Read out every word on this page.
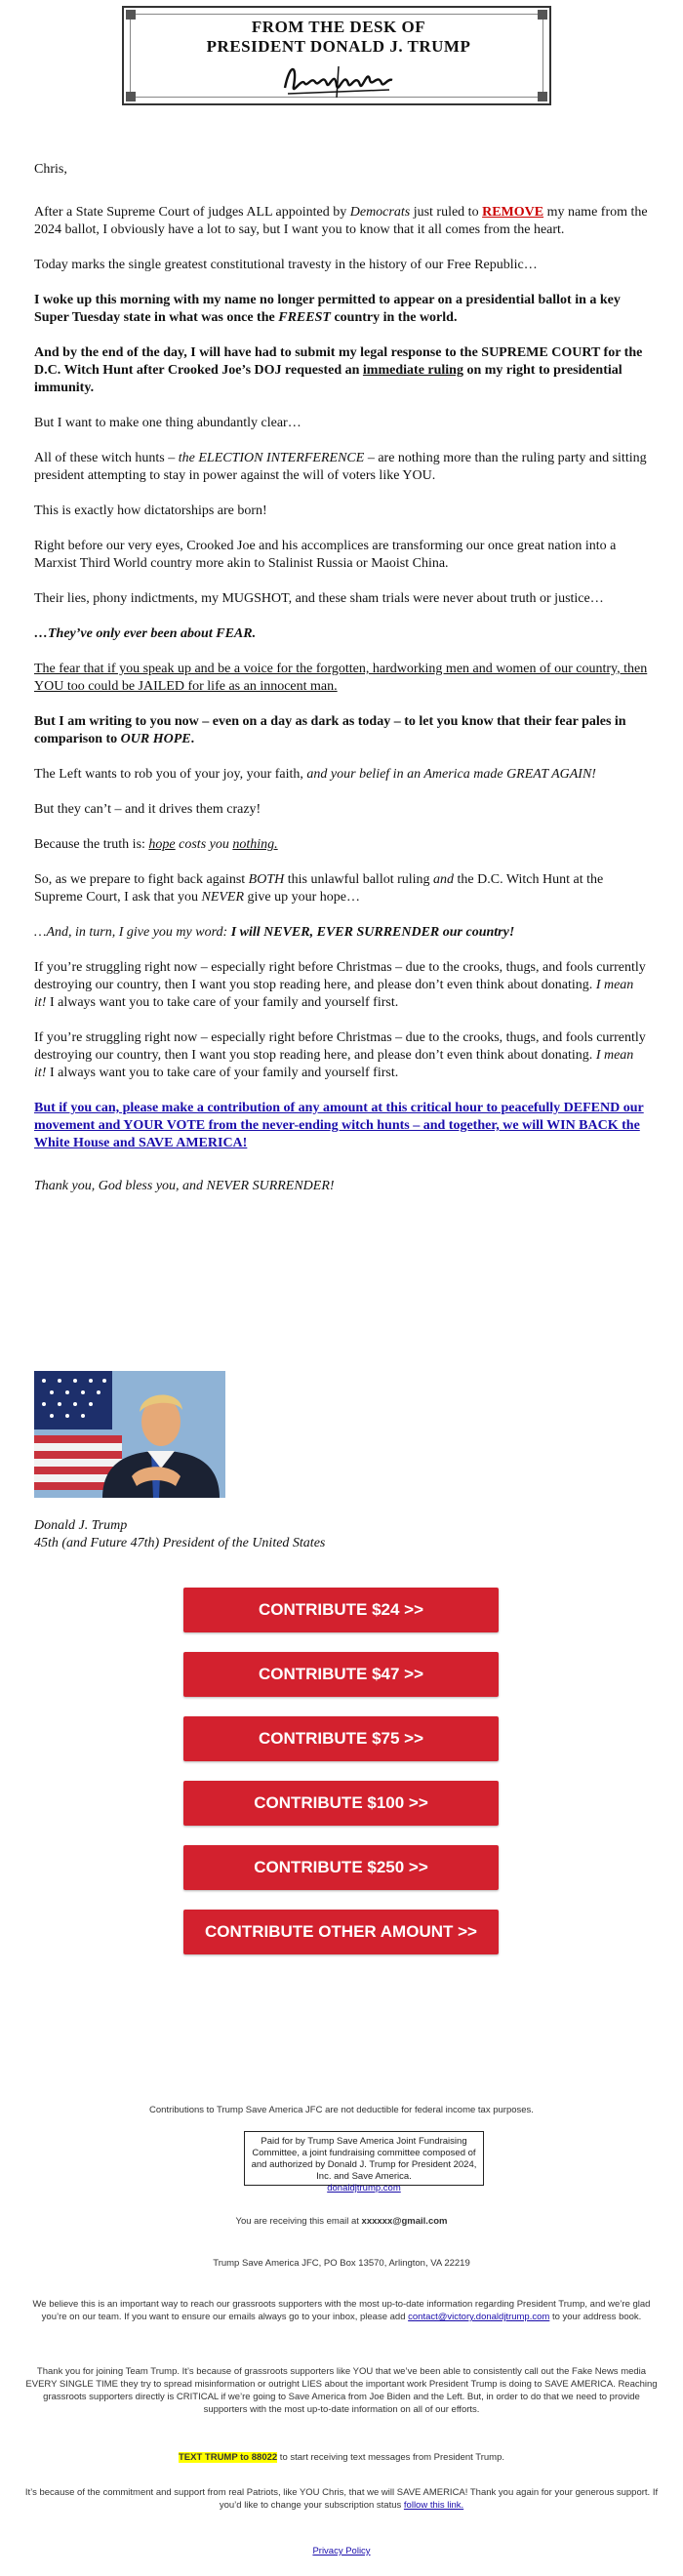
FROM THE DESK OF
PRESIDENT DONALD J. TRUMP

Chris,

After a State Supreme Court of judges ALL appointed by Democrats just ruled to REMOVE my name from the 2024 ballot, I obviously have a lot to say, but I want you to know that it all comes from the heart.

Today marks the single greatest constitutional travesty in the history of our Free Republic…

I woke up this morning with my name no longer permitted to appear on a presidential ballot in a key Super Tuesday state in what was once the FREEST country in the world.

And by the end of the day, I will have had to submit my legal response to the SUPREME COURT for the D.C. Witch Hunt after Crooked Joe’s DOJ requested an immediate ruling on my right to presidential immunity.

But I want to make one thing abundantly clear…

All of these witch hunts – the ELECTION INTERFERENCE – are nothing more than the ruling party and sitting president attempting to stay in power against the will of voters like YOU.

This is exactly how dictatorships are born!

Right before our very eyes, Crooked Joe and his accomplices are transforming our once great nation into a Marxist Third World country more akin to Stalinist Russia or Maoist China.

Their lies, phony indictments, my MUGSHOT, and these sham trials were never about truth or justice…

…They’ve only ever been about FEAR.

The fear that if you speak up and be a voice for the forgotten, hardworking men and women of our country, then YOU too could be JAILED for life as an innocent man.

But I am writing to you now – even on a day as dark as today – to let you know that their fear pales in comparison to OUR HOPE.

The Left wants to rob you of your joy, your faith, and your belief in an America made GREAT AGAIN!

But they can’t – and it drives them crazy!

Because the truth is: hope costs you nothing.

So, as we prepare to fight back against BOTH this unlawful ballot ruling and the D.C. Witch Hunt at the Supreme Court, I ask that you NEVER give up your hope…

…And, in turn, I give you my word: I will NEVER, EVER SURRENDER our country!

If you’re struggling right now – especially right before Christmas – due to the crooks, thugs, and fools currently destroying our country, then I want you stop reading here, and please don’t even think about donating. I mean it! I always want you to take care of your family and yourself first.

If you’re struggling right now – especially right before Christmas – due to the crooks, thugs, and fools currently destroying our country, then I want you stop reading here, and please don’t even think about donating. I mean it! I always want you to take care of your family and yourself first.

But if you can, please make a contribution of any amount at this critical hour to peacefully DEFEND our movement and YOUR VOTE from the never-ending witch hunts – and together, we will WIN BACK the White House and SAVE AMERICA!

Thank you, God bless you, and NEVER SURRENDER!

Donald J. Trump
45th (and Future 47th) President of the United States
CONTRIBUTE $24 >>
CONTRIBUTE $47 >>
CONTRIBUTE $75 >>
CONTRIBUTE $100 >>
CONTRIBUTE $250 >>
CONTRIBUTE OTHER AMOUNT >>
Contributions to Trump Save America JFC are not deductible for federal income tax purposes.
Paid for by Trump Save America Joint Fundraising Committee, a joint fundraising committee composed of and authorized by Donald J. Trump for President 2024, Inc. and Save America.
donaldjtrump.com
You are receiving this email at xxxxxx@gmail.com
Trump Save America JFC, PO Box 13570, Arlington, VA 22219
We believe this is an important way to reach our grassroots supporters with the most up-to-date information regarding President Trump, and we’re glad you’re on our team. If you want to ensure our emails always go to your inbox, please add contact@victory.donaldjtrump.com to your address book.
Thank you for joining Team Trump. It’s because of grassroots supporters like YOU that we’ve been able to consistently call out the Fake News media EVERY SINGLE TIME they try to spread misinformation or outright LIES about the important work President Trump is doing to SAVE AMERICA. Reaching grassroots supporters directly is CRITICAL if we’re going to Save America from Joe Biden and the Left. But, in order to do that we need to provide supporters with the most up-to-date information on all of our efforts.
TEXT TRUMP to 88022 to start receiving text messages from President Trump.
It’s because of the commitment and support from real Patriots, like YOU Chris, that we will SAVE AMERICA! Thank you again for your generous support. If you’d like to change your subscription status follow this link.
Privacy Policy
